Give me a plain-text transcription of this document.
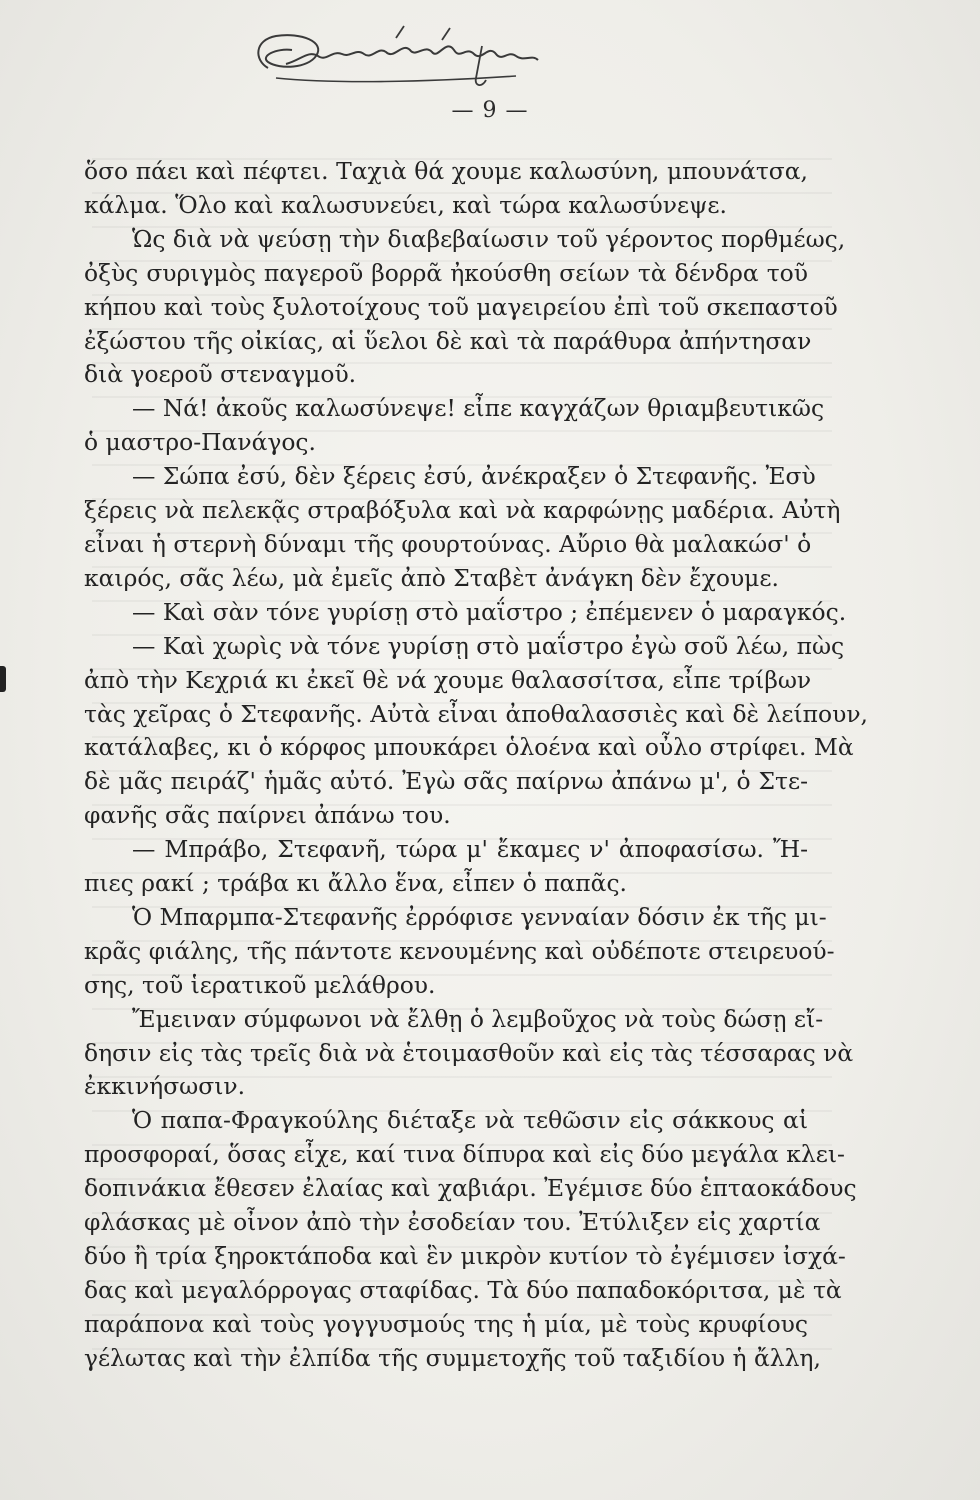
— 9 —
ὅσο πάει καὶ πέφτει. Ταχιὰ θά χουμε καλωσύνη, μπουνάτσα,
κάλμα. Ὅλο καὶ καλωσυνεύει, καὶ τώρα καλωσύνεψε.
Ὡς διὰ νὰ ψεύσῃ τὴν διαβεβαίωσιν τοῦ γέροντος πορθμέως,
ὀξὺς συριγμὸς παγεροῦ βορρᾶ ἠκούσθη σείων τὰ δένδρα τοῦ
κήπου καὶ τοὺς ξυλοτοίχους τοῦ μαγειρείου ἐπὶ τοῦ σκεπαστοῦ
ἐξώστου τῆς οἰκίας, αἱ ὕελοι δὲ καὶ τὰ παράθυρα ἀπήντησαν
διὰ γοεροῦ στεναγμοῦ.
— Νά! ἀκοῦς καλωσύνεψε! εἶπε καγχάζων θριαμβευτικῶς
ὁ μαστρο-Πανάγος.
— Σώπα ἐσύ, δὲν ξέρεις ἐσύ, ἀνέκραξεν ὁ Στεφανῆς. Ἐσὺ
ξέρεις νὰ πελεκᾷς στραβόξυλα καὶ νὰ καρφώνῃς μαδέρια. Αὐτὴ
εἶναι ἡ στερνὴ δύναμι τῆς φουρτούνας. Αὔριο θὰ μαλακώσ' ὁ
καιρός, σᾶς λέω, μὰ ἐμεῖς ἀπὸ Σταβὲτ ἀνάγκη δὲν ἔχουμε.
— Καὶ σὰν τόνε γυρίσῃ στὸ μαΐστρο ; ἐπέμενεν ὁ μαραγκός.
— Καὶ χωρὶς νὰ τόνε γυρίσῃ στὸ μαΐστρο ἐγὼ σοῦ λέω, πὼς
ἀπὸ τὴν Κεχριά κι ἐκεῖ θὲ νά χουμε θαλασσίτσα, εἶπε τρίβων
τὰς χεῖρας ὁ Στεφανῆς. Αὐτὰ εἶναι ἀποθαλασσιὲς καὶ δὲ λείπουν,
κατάλαβες, κι ὁ κόρφος μπουκάρει ὁλοένα καὶ οὖλο στρίφει. Μὰ
δὲ μᾶς πειράζ' ἡμᾶς αὐτό. Ἐγὼ σᾶς παίρνω ἀπάνω μ', ὁ Στε-
φανῆς σᾶς παίρνει ἀπάνω του.
— Μπράβο, Στεφανῆ, τώρα μ' ἔκαμες ν' ἀποφασίσω. Ἤ-
πιες ρακί ; τράβα κι ἄλλο ἕνα, εἶπεν ὁ παπᾶς.
Ὁ Μπαρμπα-Στεφανῆς ἐρρόφισε γενναίαν δόσιν ἐκ τῆς μι-
κρᾶς φιάλης, τῆς πάντοτε κενουμένης καὶ οὐδέποτε στειρευού-
σης, τοῦ ἱερατικοῦ μελάθρου.
Ἔμειναν σύμφωνοι νὰ ἔλθῃ ὁ λεμβοῦχος νὰ τοὺς δώσῃ εἴ-
δησιν εἰς τὰς τρεῖς διὰ νὰ ἑτοιμασθοῦν καὶ εἰς τὰς τέσσαρας νὰ
ἐκκινήσωσιν.
Ὁ παπα-Φραγκούλης διέταξε νὰ τεθῶσιν εἰς σάκκους αἱ
προσφοραί, ὅσας εἶχε, καί τινα δίπυρα καὶ εἰς δύο μεγάλα κλει-
δοπινάκια ἔθεσεν ἐλαίας καὶ χαβιάρι. Ἐγέμισε δύο ἑπταοκάδους
φλάσκας μὲ οἶνον ἀπὸ τὴν ἐσοδείαν του. Ἐτύλιξεν εἰς χαρτία
δύο ἢ τρία ξηροκτάποδα καὶ ἓν μικρὸν κυτίον τὸ ἐγέμισεν ἰσχά-
δας καὶ μεγαλόρρογας σταφίδας. Τὰ δύο παπαδοκόριτσα, μὲ τὰ
παράπονα καὶ τοὺς γογγυσμούς της ἡ μία, μὲ τοὺς κρυφίους
γέλωτας καὶ τὴν ἐλπίδα τῆς συμμετοχῆς τοῦ ταξιδίου ἡ ἄλλη,
